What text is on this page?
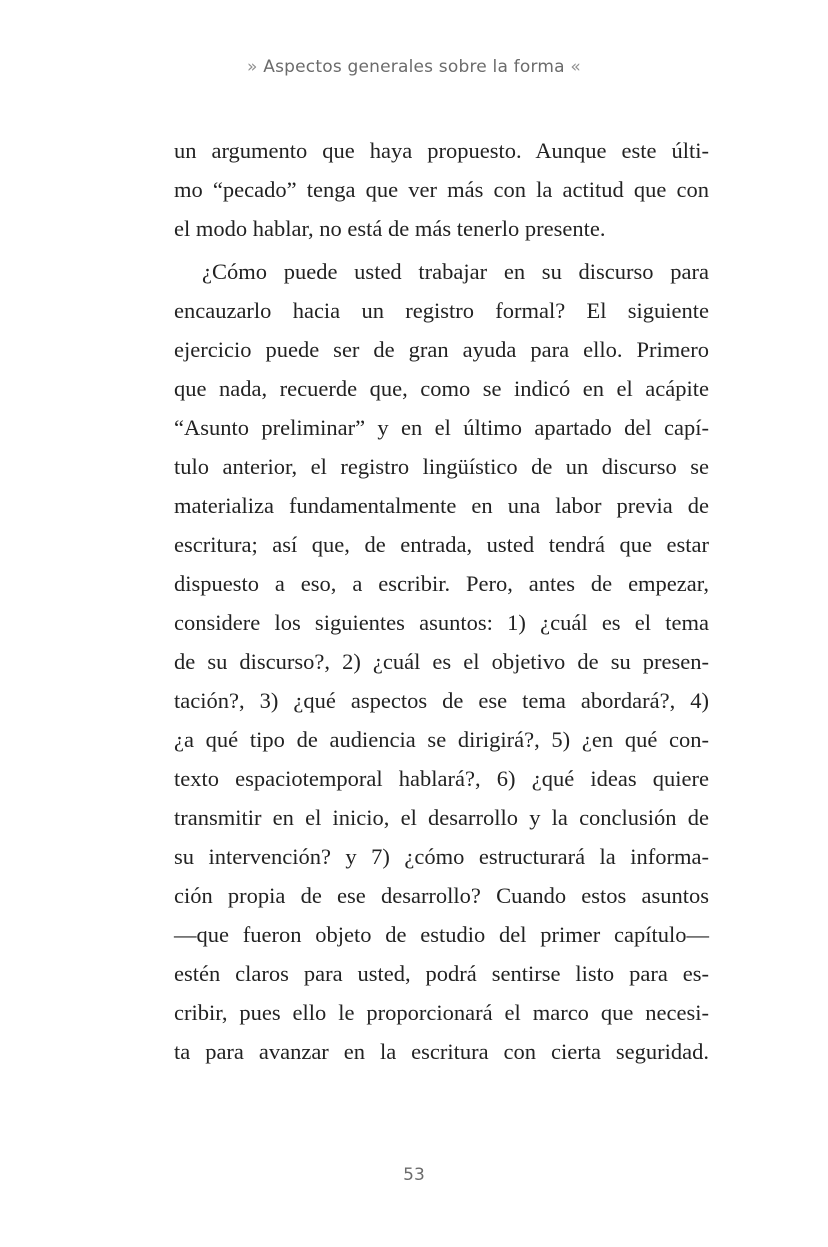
» Aspectos generales sobre la forma «
un argumento que haya propuesto. Aunque este últi-
mo “pecado” tenga que ver más con la actitud que con
el modo hablar, no está de más tenerlo presente.
¿Cómo puede usted trabajar en su discurso para
encauzarlo hacia un registro formal? El siguiente
ejercicio puede ser de gran ayuda para ello. Primero
que nada, recuerde que, como se indicó en el acápite
“Asunto preliminar” y en el último apartado del capí-
tulo anterior, el registro lingüístico de un discurso se
materializa fundamentalmente en una labor previa de
escritura; así que, de entrada, usted tendrá que estar
dispuesto a eso, a escribir. Pero, antes de empezar,
considere los siguientes asuntos: 1) ¿cuál es el tema
de su discurso?, 2) ¿cuál es el objetivo de su presen-
tación?, 3) ¿qué aspectos de ese tema abordará?, 4)
¿a qué tipo de audiencia se dirigirá?, 5) ¿en qué con-
texto espaciotemporal hablará?, 6) ¿qué ideas quiere
transmitir en el inicio, el desarrollo y la conclusión de
su intervención? y 7) ¿cómo estructurará la informa-
ción propia de ese desarrollo? Cuando estos asuntos
—que fueron objeto de estudio del primer capítulo—
estén claros para usted, podrá sentirse listo para es-
cribir, pues ello le proporcionará el marco que necesi-
ta para avanzar en la escritura con cierta seguridad.
53
